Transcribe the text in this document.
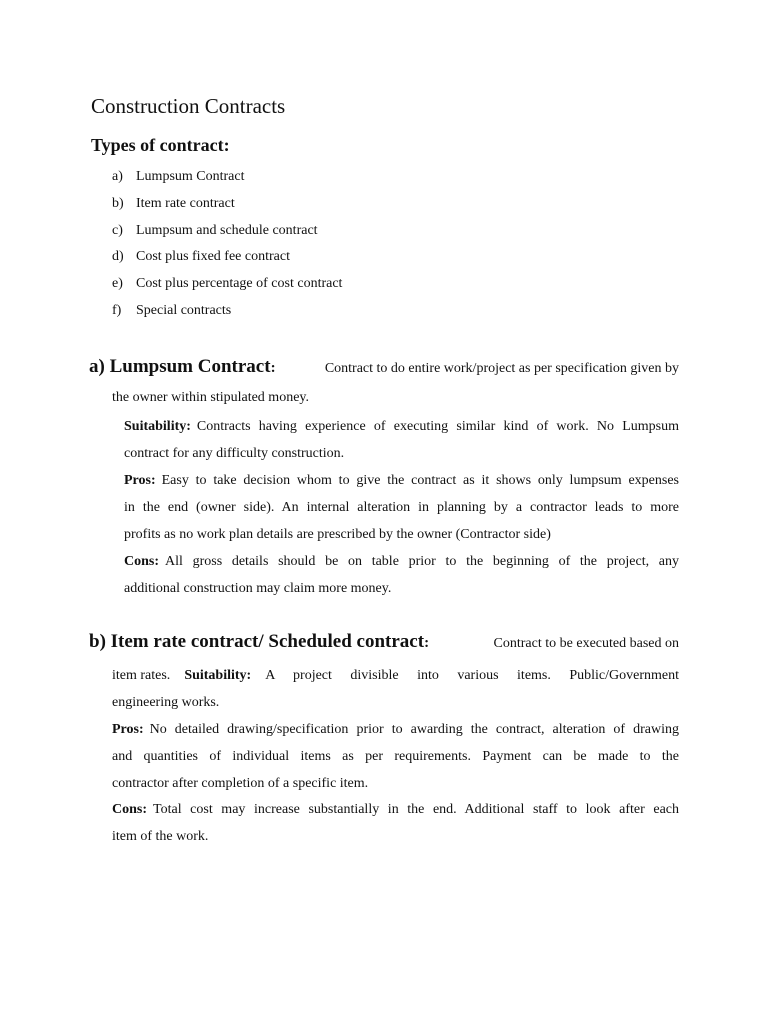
Construction Contracts
Types of contract:
a) Lumpsum Contract
b) Item rate contract
c) Lumpsum and schedule contract
d) Cost plus fixed fee contract
e) Cost plus percentage of cost contract
f) Special contracts
a) Lumpsum Contract:	Contract to do entire work/project as per specification given by
the owner within stipulated money.
Suitability: Contracts having experience of executing similar kind of work. No Lumpsum
contract for any difficulty construction.
Pros: Easy to take decision whom to give the contract as it shows only lumpsum expenses
in the end (owner side). An internal alteration in planning by a contractor leads to more
profits as no work plan details are prescribed by the owner (Contractor side)
Cons: All gross details should be on table prior to the beginning of the project, any
additional construction may claim more money.
b) Item rate contract/ Scheduled contract:	Contract to be executed based on
item rates. Suitability: A project divisible into various items. Public/Government
engineering works.
Pros: No detailed drawing/specification prior to awarding the contract, alteration of drawing
and quantities of individual items as per requirements. Payment can be made to the
contractor after completion of a specific item.
Cons: Total cost may increase substantially in the end. Additional staff to look after each
item of the work.
